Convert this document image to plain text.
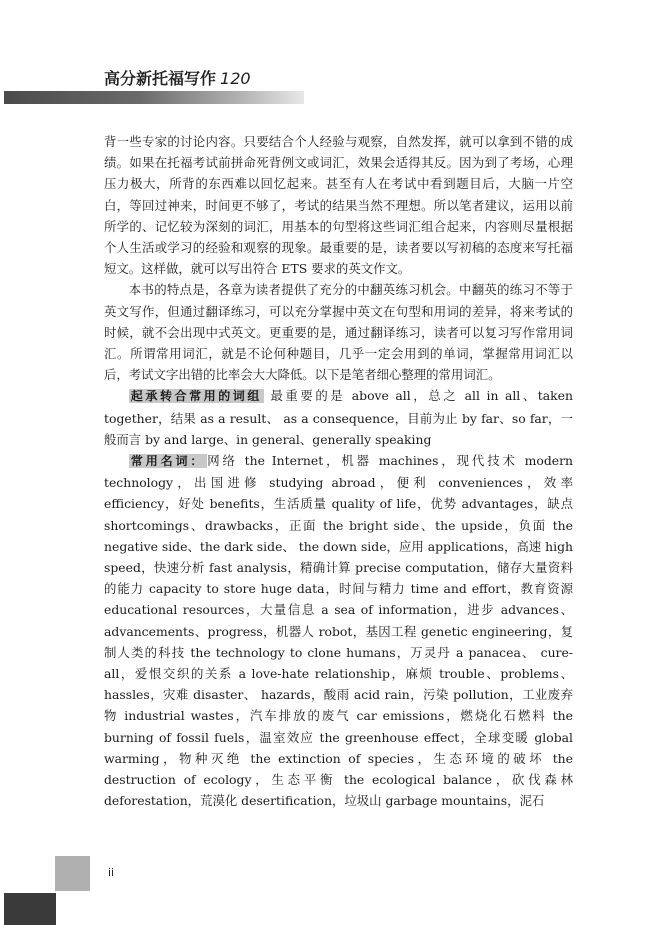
高分新托福写作 120

背一些专家的讨论内容。只要结合个人经验与观察，自然发挥，就可以拿到不错的成绩。如果在托福考试前拼命死背例文或词汇，效果会适得其反。因为到了考场，心理压力极大，所背的东西难以回忆起来。甚至有人在考试中看到题目后，大脑一片空白，等回过神来，时间更不够了，考试的结果当然不理想。所以笔者建议，运用以前所学的、记忆较为深刻的词汇，用基本的句型将这些词汇组合起来，内容则尽量根据个人生活或学习的经验和观察的现象。最重要的是，读者要以写初稿的态度来写托福短文。这样做，就可以写出符合 ETS 要求的英文作文。

本书的特点是，各章为读者提供了充分的中翻英练习机会。中翻英的练习不等于英文写作，但通过翻译练习，可以充分掌握中英文在句型和用词的差异，将来考试的时候，就不会出现中式英文。更重要的是，通过翻译练习，读者可以复习写作常用词汇。所谓常用词汇，就是不论何种题目，几乎一定会用到的单词，掌握常用词汇以后，考试文字出错的比率会大大降低。以下是笔者细心整理的常用词汇。

起承转合常用的词组 最重要的是 above all，总之 all in all、taken together，结果 as a result、 as a consequence，目前为止 by far、so far，一般而言 by and large、in general、generally speaking

常用名词： 网络 the Internet，机器 machines，现代技术 modern technology，出国进修 studying abroad，便利 conveniences，效率 efficiency，好处 benefits，生活质量 quality of life，优势 advantages，缺点 shortcomings、drawbacks，正面 the bright side、the upside，负面 the negative side、the dark side、 the down side，应用 applications，高速 high speed，快速分析 fast analysis，精确计算 precise computation，储存大量资料的能力 capacity to store huge data，时间与精力 time and effort，教育资源 educational resources，大量信息 a sea of information，进步 advances、advancements、progress，机器人 robot，基因工程 genetic engineering，复制人类的科技 the technology to clone humans，万灵丹 a panacea、 cure-all，爱恨交织的关系 a love-hate relationship，麻烦 trouble、problems、hassles，灾难 disaster、 hazards，酸雨 acid rain，污染 pollution，工业废弃物 industrial wastes，汽车排放的废气 car emissions，燃烧化石燃料 the burning of fossil fuels，温室效应 the greenhouse effect，全球变暖 global warming，物种灭绝 the extinction of species，生态环境的破坏 the destruction of ecology，生态平衡 the ecological balance，砍伐森林 deforestation，荒漠化 desertification，垃圾山 garbage mountains，泥石

ii
